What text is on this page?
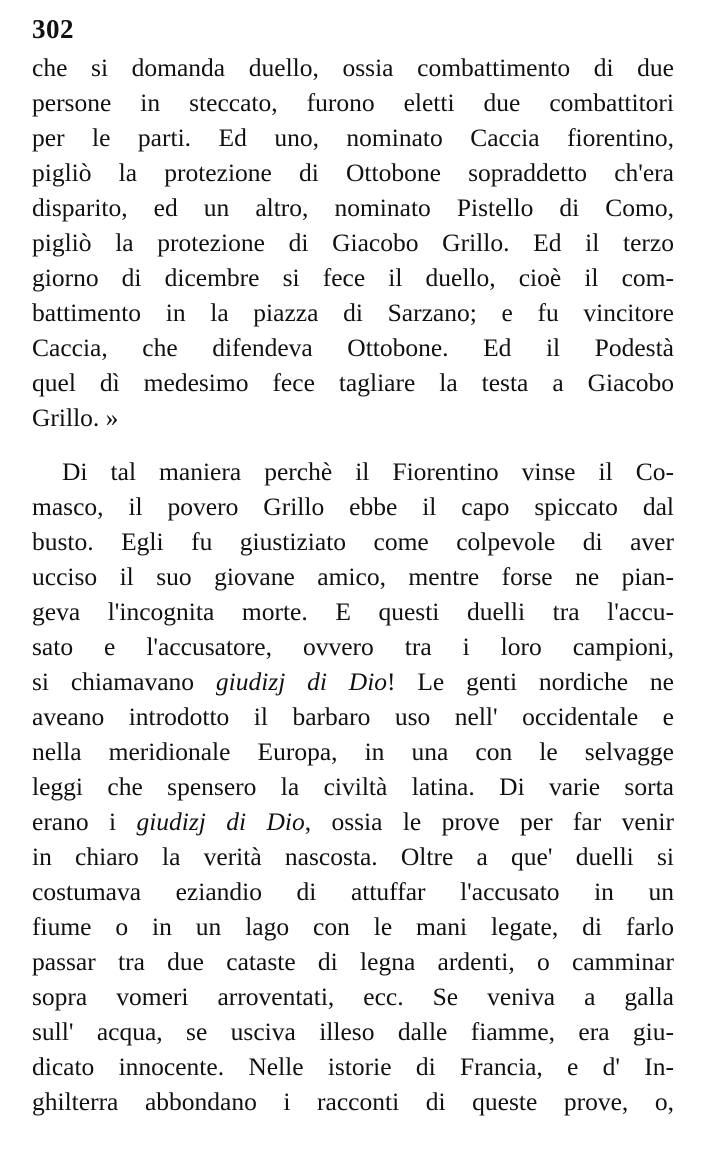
302
che si domanda duello, ossia combattimento di due
persone in steccato, furono eletti due combattitori
per le parti. Ed uno, nominato Caccia fiorentino,
pigliò la protezione di Ottobone sopraddetto ch'era
disparito, ed un altro, nominato Pistello di Como,
pigliò la protezione di Giacobo Grillo. Ed il terzo
giorno di dicembre si fece il duello, cioè il com-
battimento in la piazza di Sarzano; e fu vincitore
Caccia, che difendeva Ottobone. Ed il Podestà
quel dì medesimo fece tagliare la testa a Giacobo
Grillo. »
Di tal maniera perchè il Fiorentino vinse il Co-
masco, il povero Grillo ebbe il capo spiccato dal
busto. Egli fu giustiziato come colpevole di aver
ucciso il suo giovane amico, mentre forse ne pian-
geva l'incognita morte. E questi duelli tra l'accu-
sato e l'accusatore, ovvero tra i loro campioni,
si chiamavano giudizj di Dio! Le genti nordiche ne
aveano introdotto il barbaro uso nell' occidentale e
nella meridionale Europa, in una con le selvagge
leggi che spensero la civiltà latina. Di varie sorta
erano i giudizj di Dio, ossia le prove per far venir
in chiaro la verità nascosta. Oltre a que' duelli si
costumava eziandio di attuffar l'accusato in un
fiume o in un lago con le mani legate, di farlo
passar tra due cataste di legna ardenti, o camminar
sopra vomeri arroventati, ecc. Se veniva a galla
sull' acqua, se usciva illeso dalle fiamme, era giu-
dicato innocente. Nelle istorie di Francia, e d' In-
ghilterra abbondano i racconti di queste prove, o,
